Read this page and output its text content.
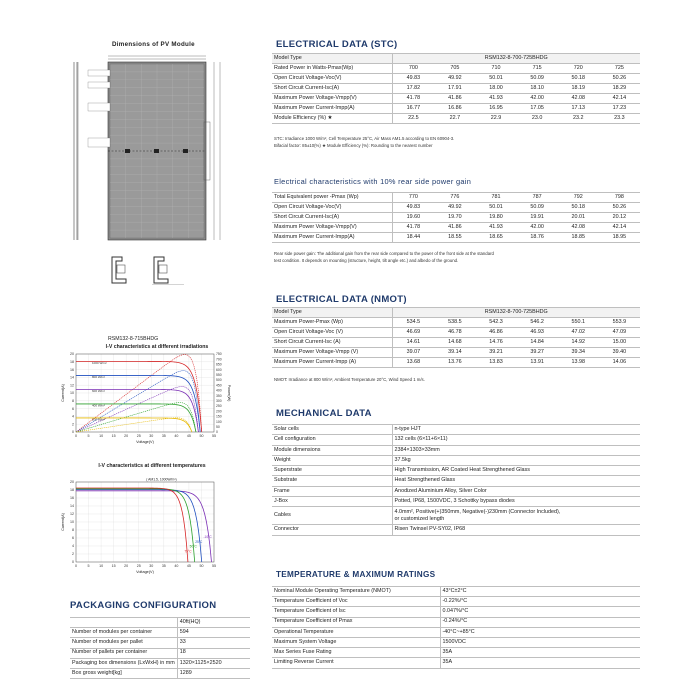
Dimensions of PV Module
RSM132-8-715BHDG
I-V characteristics at different irradiations
0	5	10 15 20 25 30 35 40 45 50 55
0
2
4
6
8
10
12
14
16
18
20
Voltage(V)
Current(A)
0
50
100
150
200
250
300
350
400
450
500
550
600
650
700
750
Power(W)
1000 W/m²
800 W/m²
600 W/m²
400 W/m²
200 W/m²
I-V characteristics at different temperatures
0	5	10 15 20 25 30 35 40 45 50 55
0
2
4
6
8
10
12
14
16
18
20
Voltage(V)
Current(A)
-10°C
25°C
50°C
75°C
( AM1.5, 1000W/m²)
PACKAGING CONFIGURATION
	40ft(HQ)
Number of modules per container	594
Number of modules per pallet	33
Number of pallets per container	18
Packaging box dimensions (LxWxH) in mm	1320×1125×2520
Box gross weight[kg]	1289
ELECTRICAL DATA (STC)
Model Type	RSM132-8-700-725BHDG					
Rated Power in Watts-Pmax(Wp)	700	705	710	715	720	725
Open Circuit Voltage-Voc(V)	49.83	49.92	50.01	50.09	50.18	50.26
Short Circuit Current-Isc(A)	17.82	17.91	18.00	18.10	18.19	18.29
Maximum Power Voltage-Vmpp(V)	41.78	41.86	41.93	42.00	42.08	42.14
Maximum Power Current-Impp(A)	16.77	16.86	16.95	17.05	17.13	17.23
Module Efficiency (%) ★	22.5	22.7	22.9	23.0	23.2	23.3
STC: Irradiance 1000 W/m², Cell Temperature 25°C, Air Mass AM1.5 according to EN 60904-3.
Bifacial factor: 85±10(%) ★ Module Efficiency (%): Rounding to the nearest number
Electrical characteristics with 10% rear side power gain
Total Equivalent power -Pmax (Wp)	770	776	781	787	792	798
Open Circuit Voltage-Voc(V)	49.83	49.92	50.01	50.09	50.18	50.26
Short Circuit Current-Isc(A)	19.60	19.70	19.80	19.91	20.01	20.12
Maximum Power Voltage-Vmpp(V)	41.78	41.86	41.93	42.00	42.08	42.14
Maximum Power Current-Impp(A)	18.44	18.55	18.65	18.76	18.85	18.95
Rear side power gain: The additional gain from the rear side compared to the power of the front side at the standard
test condition. It depends on mounting (structure, height, tilt angle etc.) and albedo of the ground.
ELECTRICAL DATA (NMOT)
Model Type	RSM132-8-700-725BHDG					
Maximum Power-Pmax (Wp)	534.5	538.5	542.3	546.2	550.1	553.9
Open Circuit Voltage-Voc (V)	46.69	46.78	46.86	46.93	47.02	47.09
Short Circuit Current-Isc (A)	14.61	14.68	14.76	14.84	14.92	15.00
Maximum Power Voltage-Vmpp (V)	39.07	39.14	39.21	39.27	39.34	39.40
Maximum Power Current-Impp (A)	13.68	13.76	13.83	13.91	13.98	14.06
NMOT: Irradiance at 800 W/m², Ambient Temperature 20°C, Wind Speed 1 m/s.
MECHANICAL DATA
Solar cells	n-type HJT
Cell configuration	132 cells (6×11+6×11)
Module dimensions	2384×1303×33mm
Weight	37.5kg
Superstrate	High Transmission, AR Coated Heat Strengthened Glass
Substrate	Heat Strengthened Glass
Frame	Anodized Aluminium Alloy, Silver Color
J-Box	Potted, IP68, 1500VDC, 3 Schottky bypass diodes
Cables	4.0mm², Positive(+)350mm, Negative(-)230mm (Connector Included),
or customized length

Connector	Risen Twinsel PV-SY02, IP68
TEMPERATURE & MAXIMUM RATINGS
Nominal Module Operating Temperature (NMOT)	43°C±2°C
Temperature Coefficient of Voc	-0.22%/°C
Temperature Coefficient of Isc	0.047%/°C
Temperature Coefficient of Pmax	-0.24%/°C
Operational Temperature	-40°C~+85°C
Maximum System Voltage	1500VDC
Max Series Fuse Rating	35A
Limiting Reverse Current	35A
